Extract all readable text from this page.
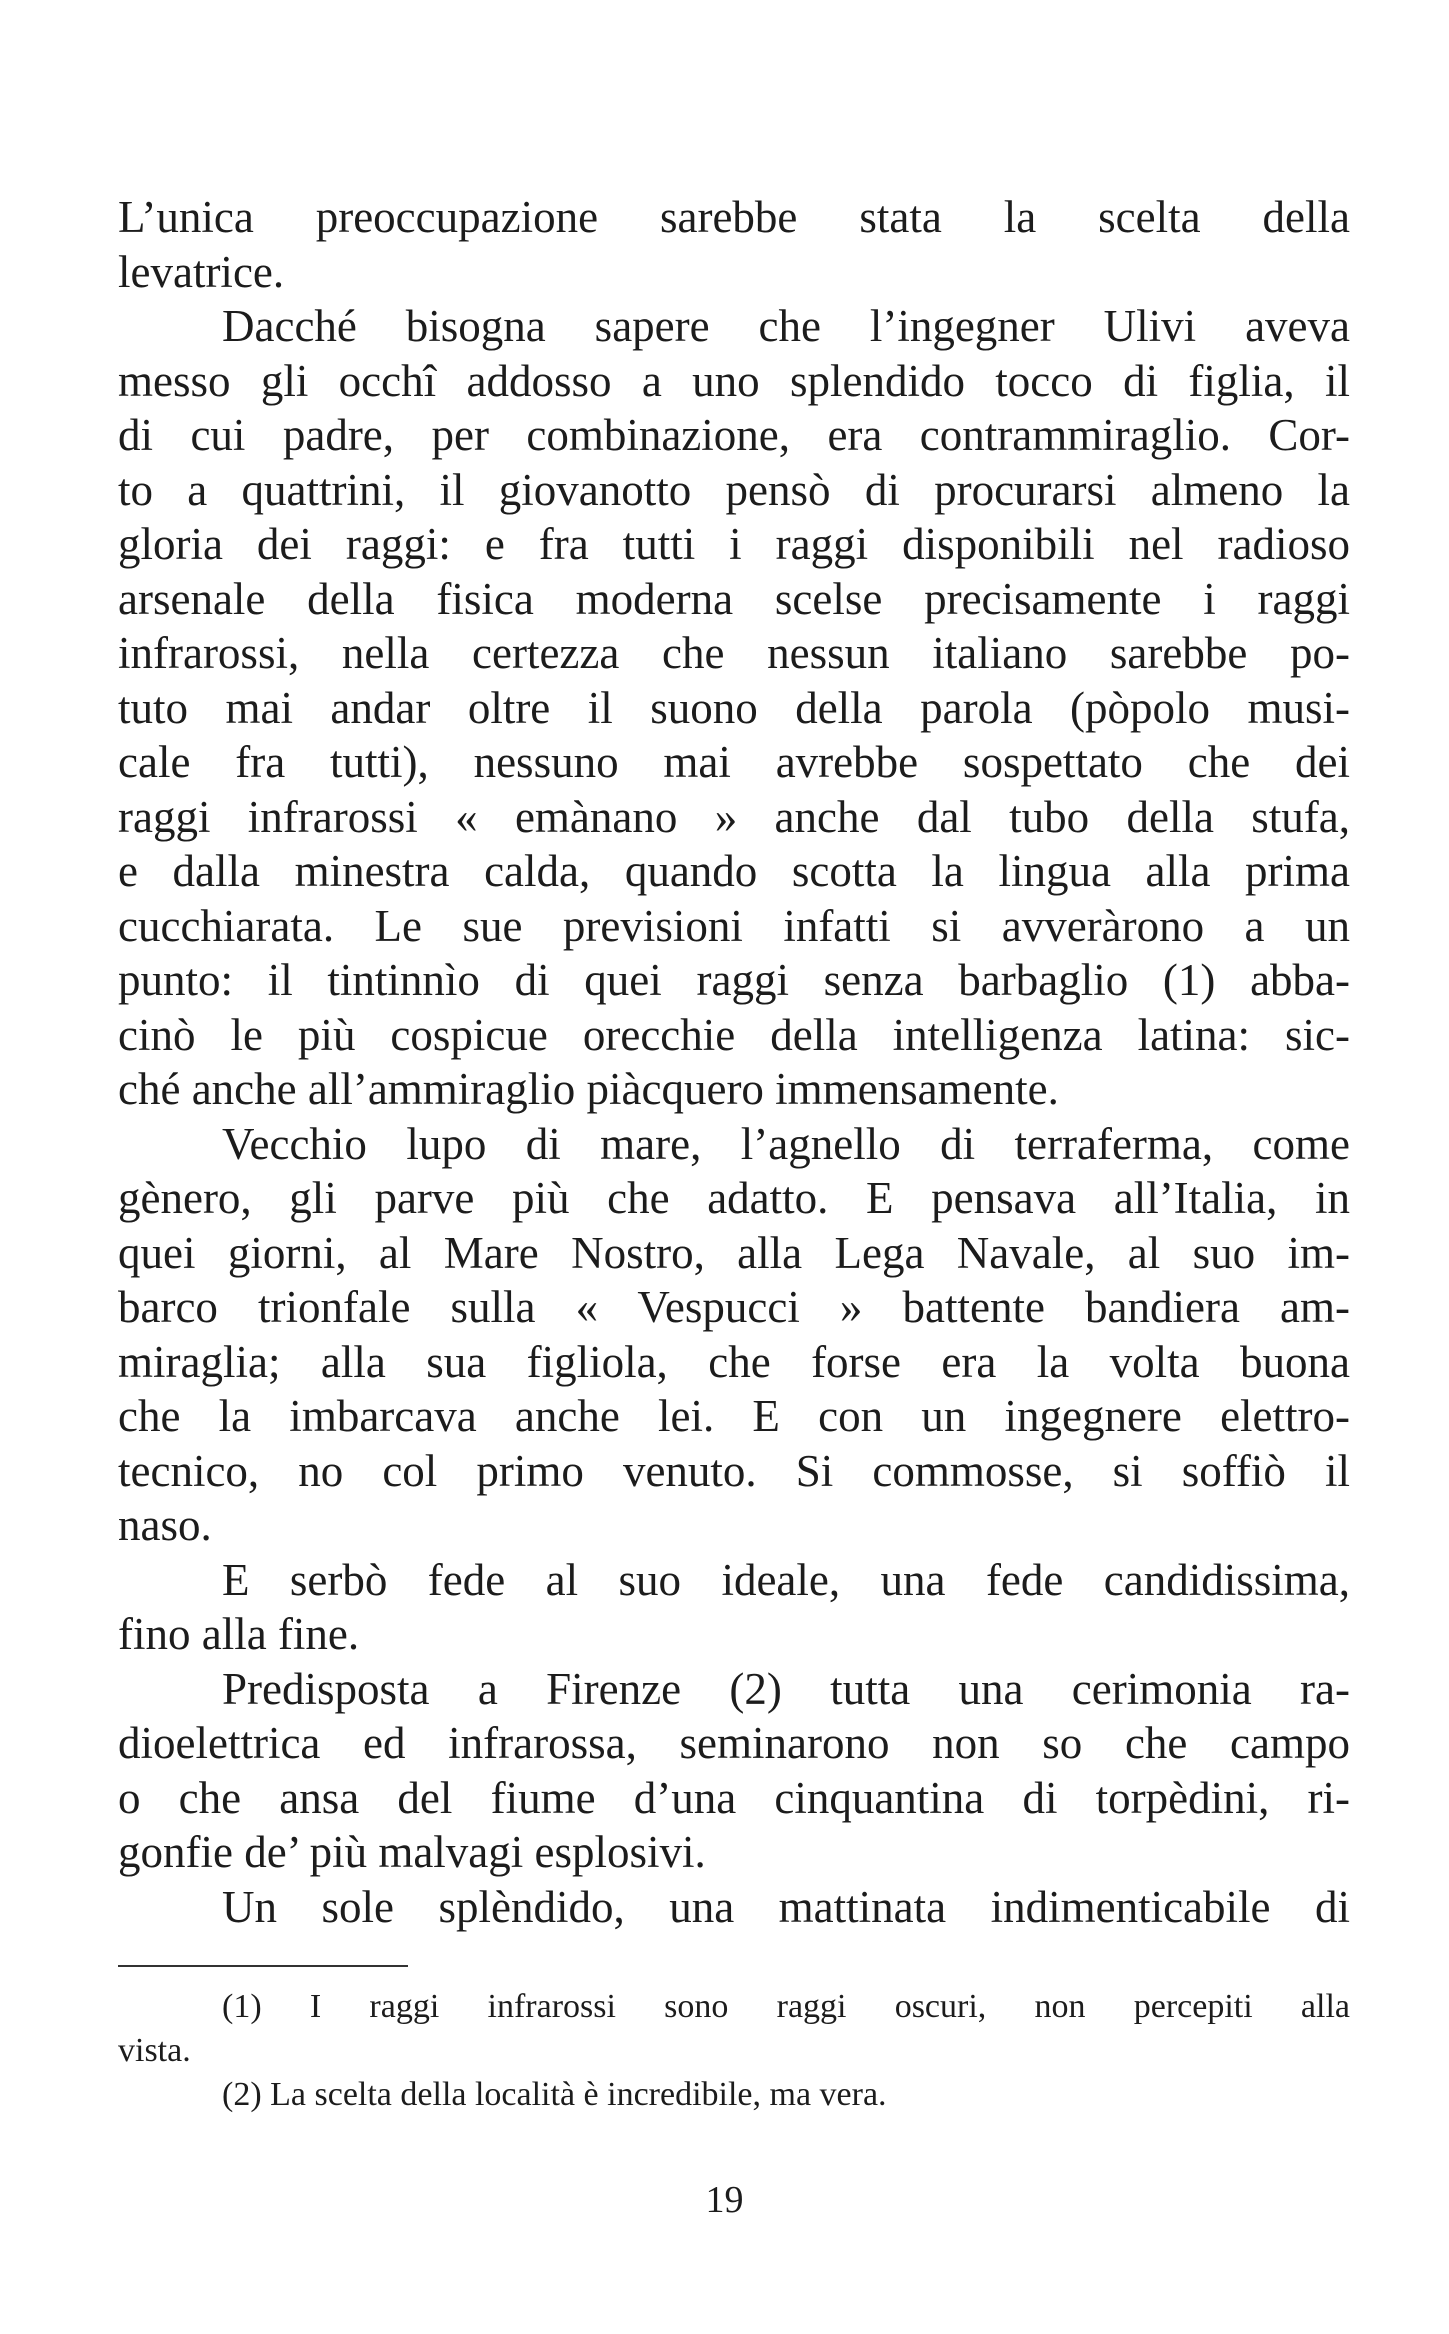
L’unica preoccupazione sarebbe stata la scelta della
levatrice.
Dacché bisogna sapere che l’ingegner Ulivi aveva
messo gli occhî addosso a uno splendido tocco di figlia, il
di cui padre, per combinazione, era contrammiraglio. Cor-
to a quattrini, il giovanotto pensò di procurarsi almeno la
gloria dei raggi: e fra tutti i raggi disponibili nel radioso
arsenale della fisica moderna scelse precisamente i raggi
infrarossi, nella certezza che nessun italiano sarebbe po-
tuto mai andar oltre il suono della parola (pòpolo musi-
cale fra tutti), nessuno mai avrebbe sospettato che dei
raggi infrarossi « emànano » anche dal tubo della stufa,
e dalla minestra calda, quando scotta la lingua alla prima
cucchiarata. Le sue previsioni infatti si avveràrono a un
punto: il tintinnìo di quei raggi senza barbaglio (1) abba-
cinò le più cospicue orecchie della intelligenza latina: sic-
ché anche all’ammiraglio piàcquero immensamente.
Vecchio lupo di mare, l’agnello di terraferma, come
gènero, gli parve più che adatto. E pensava all’Italia, in
quei giorni, al Mare Nostro, alla Lega Navale, al suo im-
barco trionfale sulla « Vespucci » battente bandiera am-
miraglia; alla sua figliola, che forse era la volta buona
che la imbarcava anche lei. E con un ingegnere elettro-
tecnico, no col primo venuto. Si commosse, si soffiò il
naso.
E serbò fede al suo ideale, una fede candidissima,
fino alla fine.
Predisposta a Firenze (2) tutta una cerimonia ra-
dioelettrica ed infrarossa, seminarono non so che campo
o che ansa del fiume d’una cinquantina di torpèdini, ri-
gonfie de’ più malvagi esplosivi.
Un sole splèndido, una mattinata indimenticabile di
(1) I raggi infrarossi sono raggi oscuri, non percepiti alla
vista.
(2) La scelta della località è incredibile, ma vera.
19
